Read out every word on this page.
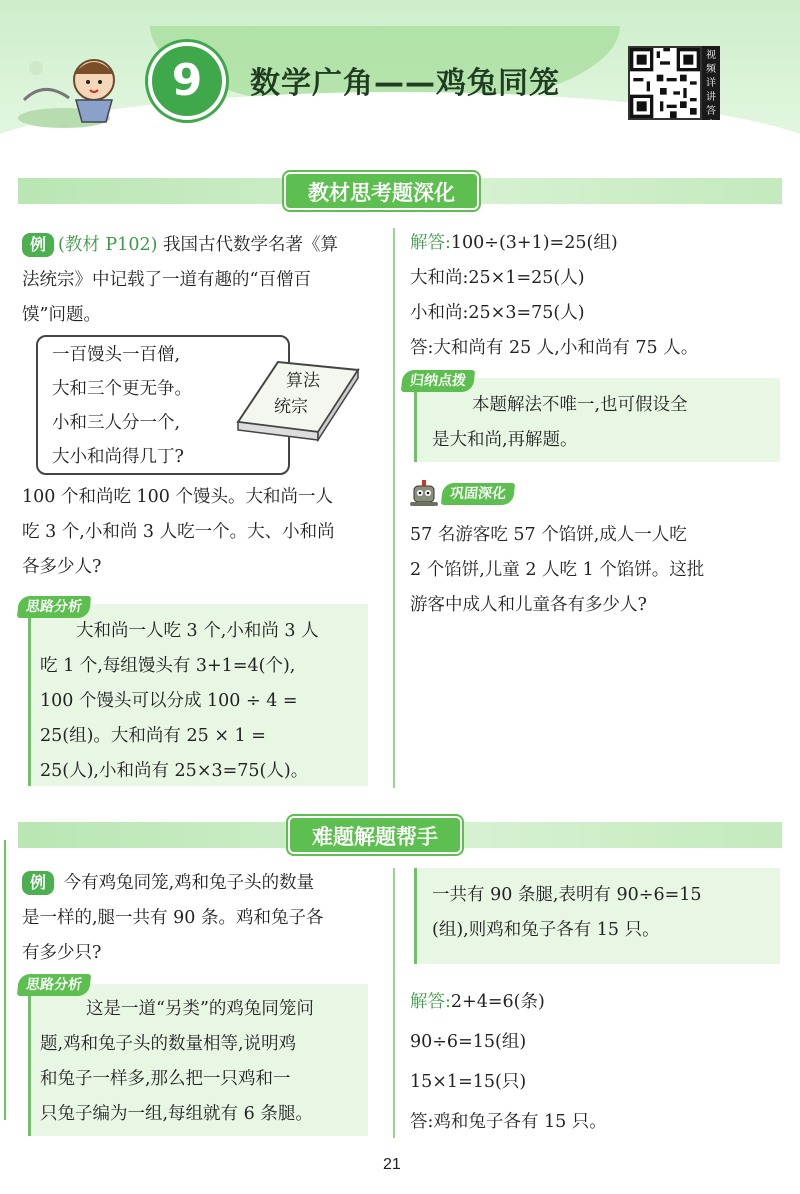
9	数学广角——鸡兔同笼
视频详讲答案
教材思考题深化
例 (教材 P102) 我国古代数学名著《算
法统宗》中记载了一道有趣的“百僧百
馍”问题。
一百馒头一百僧,
大和三个更无争。
小和三人分一个,
大小和尚得几丁?
算法
统宗
100 个和尚吃 100 个馒头。大和尚一人
吃 3 个,小和尚 3 人吃一个。大、小和尚
各多少人?
思路分析
大和尚一人吃 3 个,小和尚 3 人
吃 1 个,每组馒头有 3+1=4(个),
100 个馒头可以分成 100 ÷ 4 =
25(组)。大和尚有 25 × 1 =
25(人),小和尚有 25×3=75(人)。
解答:100÷(3+1)=25(组)
大和尚:25×1=25(人)
小和尚:25×3=75(人)
答:大和尚有 25 人,小和尚有 75 人。
归纳点拨
本题解法不唯一,也可假设全
是大和尚,再解题。
巩固深化
57 名游客吃 57 个馅饼,成人一人吃
2 个馅饼,儿童 2 人吃 1 个馅饼。这批
游客中成人和儿童各有多少人?
难题解题帮手
例 今有鸡兔同笼,鸡和兔子头的数量
是一样的,腿一共有 90 条。鸡和兔子各
有多少只?
思路分析
这是一道“另类”的鸡兔同笼问
题,鸡和兔子头的数量相等,说明鸡
和兔子一样多,那么把一只鸡和一
只兔子编为一组,每组就有 6 条腿。
一共有 90 条腿,表明有 90÷6=15
(组),则鸡和兔子各有 15 只。
解答:2+4=6(条)
90÷6=15(组)
15×1=15(只)
答:鸡和兔子各有 15 只。
21
